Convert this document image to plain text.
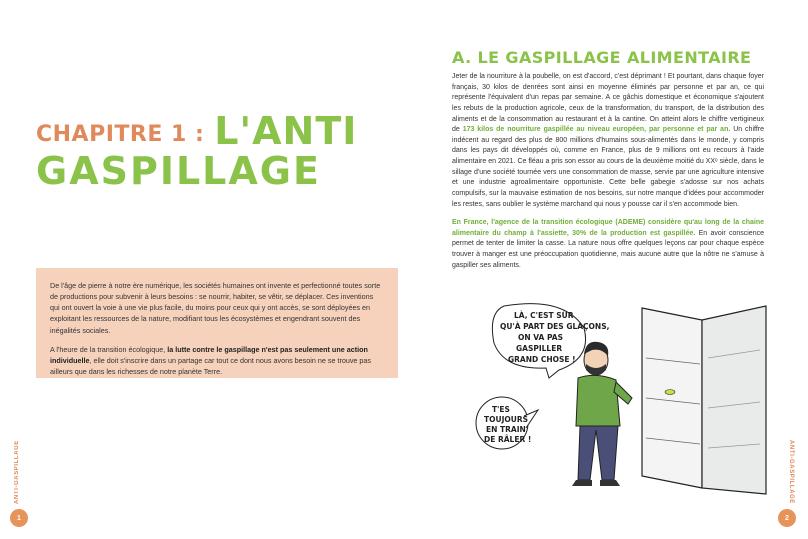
CHAPITRE 1 : L'ANTI
GASPILLAGE

De l'âge de pierre à notre ère numérique, les sociétés humaines ont invente et perfectionné toutes sorte de productions pour subvenir à leurs besoins : se nourrir, habiter, se vêtir, se déplacer. Ces inventions qui ont ouvert la voie à une vie plus facile, du moins pour ceux qui y ont accès, se sont déployées en exploitant les ressources de la nature, modifiant tous les écosystèmes et engendrant souvent des inégalités sociales.

A l'heure de la transition écologique, la lutte contre le gaspillage n'est pas seulement une action individuelle, elle doit s'inscrire dans un partage car tout ce dont nous avons besoin ne se trouve pas ailleurs que dans les richesses de notre planète Terre.

ANTI-GASPILLAGE
1
A. LE GASPILLAGE ALIMENTAIRE

Jeter de la nourriture à la poubelle, on est d'accord, c'est déprimant ! Et pourtant, dans chaque foyer français, 30 kilos de denrées sont ainsi en moyenne éliminés par personne et par an, ce qui représente l'équivalent d'un repas par semaine. A ce gâchis domestique et économique s'ajoutent les rebuts de la production agricole, ceux de la transformation, du transport, de la distribution des aliments et de la consommation au restaurant et à la cantine. On atteint alors le chiffre vertigineux de 173 kilos de nourriture gaspillée au niveau européen, par personne et par an. Un chiffre indécent au regard des plus de 800 millions d'humains sous-alimentés dans le monde, y compris dans les pays dit développés où, comme en France, plus de 9 millions ont eu recours à l'aide alimentaire en 2021. Ce fléau a pris son essor au cours de la deuxième moitié du XXᵉ siècle, dans le sillage d'une société tournée vers une consommation de masse, servie par une agriculture intensive et une industrie agroalimentaire opportuniste. Cette belle gabegie s'adosse sur nos achats compulsifs, sur la mauvaise estimation de nos besoins, sur notre manque d'idées pour accommoder les restes, sans oublier le système marchand qui nous y pousse car il s'en accommode bien.

En France, l'agence de la transition écologique (ADEME) considère qu'au long de la chaine alimentaire du champ à l'assiette, 30% de la production est gaspillée. En avoir conscience permet de tenter de limiter la casse. La nature nous offre quelques leçons car pour chaque espèce trouver à manger est une préoccupation quotidienne, mais aucune autre que la nôtre ne s'amuse à gaspiller ses aliments.

LÀ, C'EST SÛR QU'À PART DES GLAÇONS, ON VA PAS GASPILLER GRAND CHOSE !
T'ES TOUJOURS EN TRAIN DE RÂLER !
ANTI-GASPILLAGE
2
